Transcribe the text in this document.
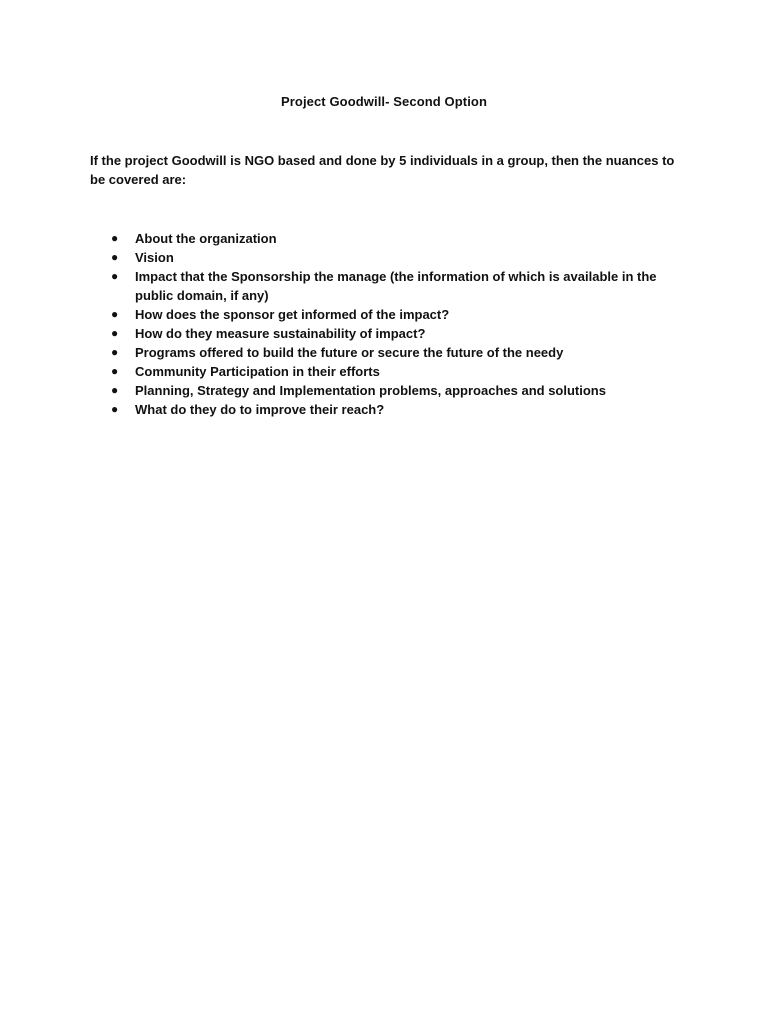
Project Goodwill- Second Option
If the project Goodwill is NGO based and done by 5 individuals in a group, then the nuances to be covered are:
● About the organization
● Vision
● Impact that the Sponsorship the manage (the information of which is available in the public domain, if any)
● How does the sponsor get informed of the impact?
● How do they measure sustainability of impact?
● Programs offered to build the future or secure the future of the needy
● Community Participation in their efforts
● Planning, Strategy and Implementation problems, approaches and solutions
● What do they do to improve their reach?
